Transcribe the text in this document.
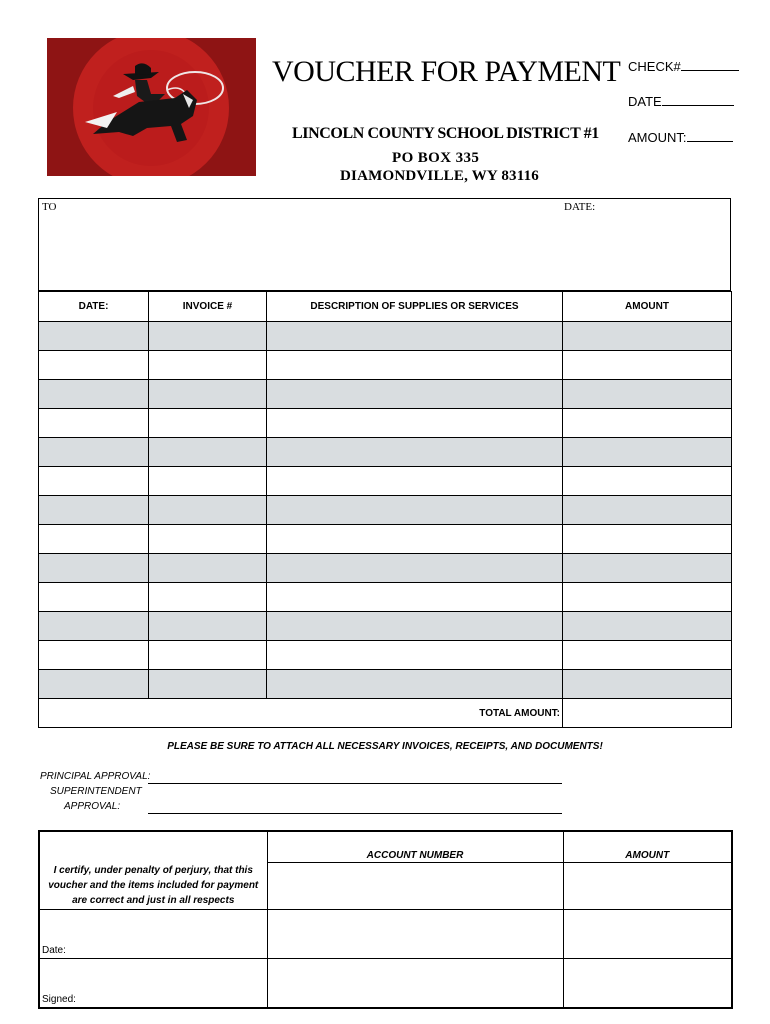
VOUCHER FOR PAYMENT
LINCOLN COUNTY SCHOOL DISTRICT #1
PO BOX 335
DIAMONDVILLE, WY 83116
CHECK#
DATE
AMOUNT:
TO	DATE:
DATE:	INVOICE #	DESCRIPTION OF SUPPLIES OR SERVICES	AMOUNT

TOTAL AMOUNT:			
PLEASE BE SURE TO ATTACH ALL NECESSARY INVOICES, RECEIPTS, AND DOCUMENTS!
PRINCIPAL APPROVAL:
SUPERINTENDENT
APPROVAL:
	ACCOUNT NUMBER	AMOUNT
I certify, under penalty of perjury, that this voucher and the items included for payment are correct and just in all respects		

Date:		

Signed:		
